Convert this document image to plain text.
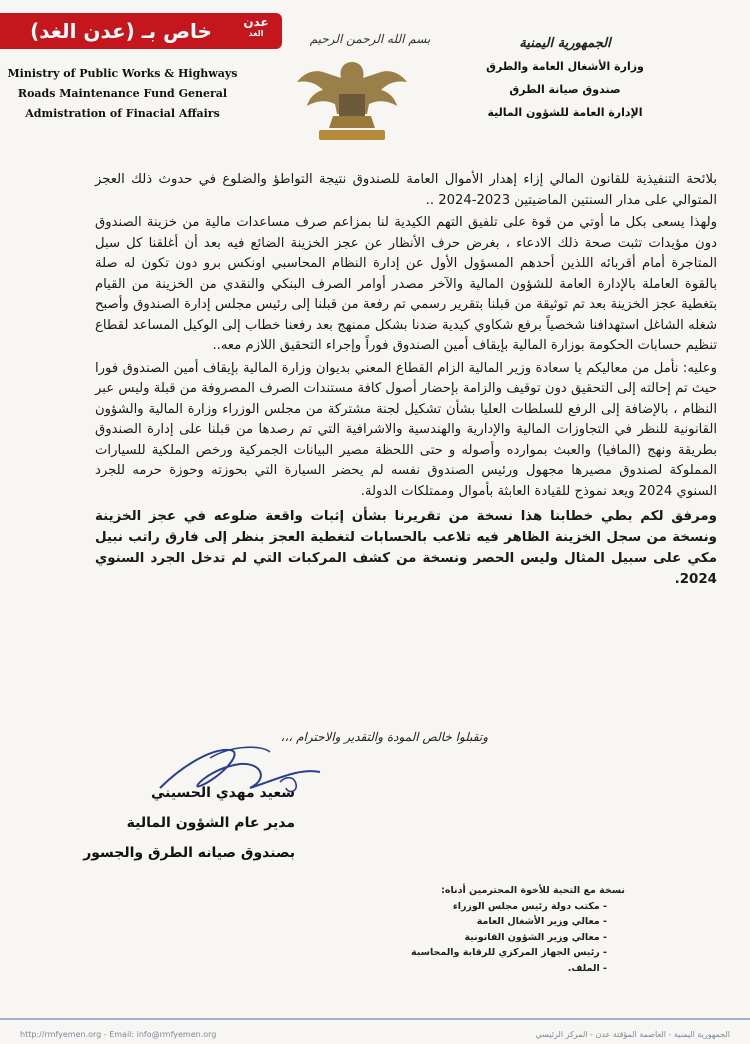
عدن
الغد
خاص بـ (عدن الغد)
Ministry of Public Works & Highways
Roads Maintenance Fund General
Admistration of Finacial Affairs
بسم الله الرحمن الرحيم	الجمهورية اليمنية
وزارة الأشغال العامة والطرق
صندوق صيانة الطرق
الإدارة العامة للشؤون المالية

بلائحة التنفيذية للقانون المالي إزاء إهدار الأموال العامة للصندوق نتيجة التواطؤ والضلوع في حدوث ذلك العجز المتوالي على مدار السنتين الماضيتين 2023-2024 ..

ولهذا يسعى بكل ما أوتي من قوة على تلفيق التهم الكيدية لنا بمزاعم صرف مساعدات مالية من خزينة الصندوق دون مؤيدات تثبت صحة ذلك الادعاء ، بغرض حرف الأنظار عن عجز الخزينة الضائع فيه بعد أن أغلقنا كل سبل المتاجرة أمام أقربائه اللذين أحدهم المسؤول الأول عن إدارة النظام المحاسبي اونكس برو دون تكون له صلة بالقوة العاملة بالإدارة العامة للشؤون المالية والآخر مصدر أوامر الصرف البنكي والنقدي من الخزينة من القيام بتغطية عجز الخزينة بعد تم توثيقة من قبلنا بتقرير رسمي تم رفعة من قبلنا إلى رئيس مجلس إدارة الصندوق وأصبح شغله الشاغل استهدافنا شخصياً برفع شكاوي كيدية ضدنا بشكل ممنهج بعد رفعنا خطاب إلى الوكيل المساعد لقطاع تنظيم حسابات الحكومة بوزارة المالية بإيقاف أمين الصندوق فوراً وإجراء التحقيق اللازم معه..

وعليه: نأمل من معاليكم يا سعادة وزير المالية الزام القطاع المعني بديوان وزارة المالية بإيقاف أمين الصندوق فورا حيث تم إحالته إلى التحقيق دون توقيف والزامة بإحضار أصول كافة مستندات الصرف المصروفة من قبلة وليس عبر النظام ، بالإضافة إلى الرفع للسلطات العليا بشأن تشكيل لجنة مشتركة من مجلس الوزراء وزارة المالية والشؤون القانونية للنظر في التجاوزات المالية والإدارية والهندسية والاشرافية التي تم رصدها من قبلنا على إدارة الصندوق بطريقة ونهج (المافيا) والعبث بموارده وأصوله و حتى اللحظة مصير البيانات الجمركية ورخص الملكية للسيارات المملوكة لصندوق مصيرها مجهول ورئيس الصندوق نفسه لم يحضر السيارة التي بحوزته وحوزة حرمه للجرد السنوي 2024 ويعد نموذج للقيادة العابثة بأموال وممتلكات الدولة.

ومرفق لكم بطي خطابنا هذا نسخة من تقريرنا بشأن إثبات واقعة ضلوعه في عجز الخزينة ونسخة من سجل الخزينة الظاهر فيه تلاعب بالحسابات لتغطية العجز بنظر إلى فارق راتب نبيل مكي على سبيل المثال وليس الحصر ونسخة من كشف المركبات التي لم تدخل الجرد السنوي 2024.

وتقبلوا خالص المودة والتقدير والاحترام ،،،
سعيد مهدي الحسيني
مدير عام الشؤون المالية
بصندوق صيانه الطرق والجسور
نسخة مع التحية للأخوة المحترمين أدناه:
- مكتب دولة رئيس مجلس الوزراء
- معالي وزير الأشغال العامة
- معالي وزير الشؤون القانونية
- رئيس الجهاز المركزي للرقابة والمحاسبة
- الملف.
الجمهورية اليمنية - العاصمة المؤقتة عدن - المركز الرئيسي
http://rmfyemen.org - Email: info@rmfyemen.org
